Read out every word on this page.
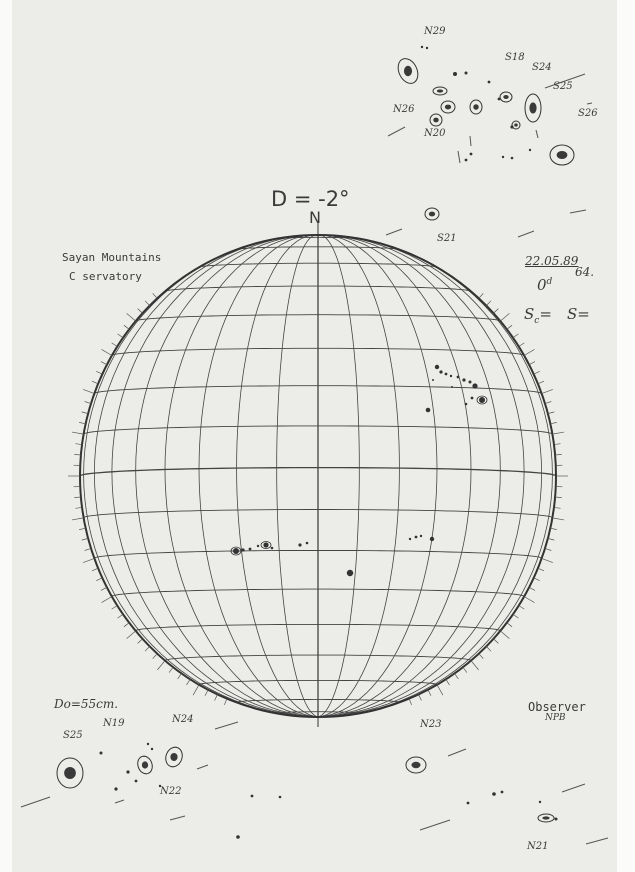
D = -2°
N
Sayan Mountains
C servatory
22.05.89
64.
0$^d$
$S_c= S=$
Do=55cm.	Observer
NPB
N29
N26
N20
S18
S24
S25
S26
S21
S25
N19	N24
N22
N23
N21
